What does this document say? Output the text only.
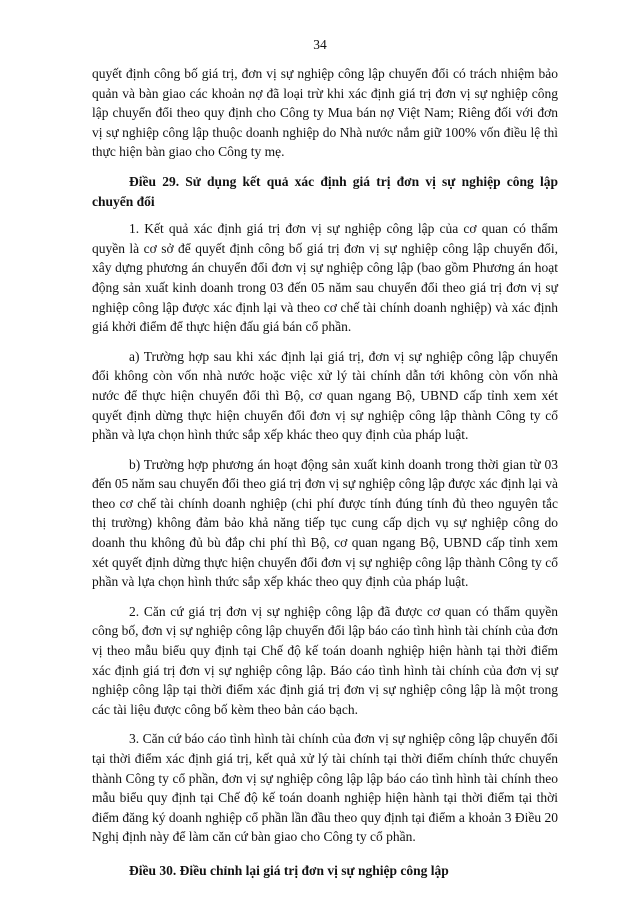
34

quyết định công bố giá trị, đơn vị sự nghiệp công lập chuyển đổi có trách nhiệm bảo quản và bàn giao các khoản nợ đã loại trừ khi xác định giá trị đơn vị sự nghiệp công lập chuyển đổi theo quy định cho Công ty Mua bán nợ Việt Nam; Riêng đối với đơn vị sự nghiệp công lập thuộc doanh nghiệp do Nhà nước nắm giữ 100% vốn điều lệ thì thực hiện bàn giao cho Công ty mẹ.

Điều 29. Sử dụng kết quả xác định giá trị đơn vị sự nghiệp công lập chuyển đổi

1. Kết quả xác định giá trị đơn vị sự nghiệp công lập của cơ quan có thẩm quyền là cơ sở để quyết định công bố giá trị đơn vị sự nghiệp công lập chuyển đổi, xây dựng phương án chuyển đổi đơn vị sự nghiệp công lập (bao gồm Phương án hoạt động sản xuất kinh doanh trong 03 đến 05 năm sau chuyển đổi theo giá trị đơn vị sự nghiệp công lập được xác định lại và theo cơ chế tài chính doanh nghiệp) và xác định giá khởi điểm để thực hiện đấu giá bán cổ phần.

a) Trường hợp sau khi xác định lại giá trị, đơn vị sự nghiệp công lập chuyển đổi không còn vốn nhà nước hoặc việc xử lý tài chính dẫn tới không còn vốn nhà nước để thực hiện chuyển đổi thì Bộ, cơ quan ngang Bộ, UBND cấp tỉnh xem xét quyết định dừng thực hiện chuyển đổi đơn vị sự nghiệp công lập thành Công ty cổ phần và lựa chọn hình thức sắp xếp khác theo quy định của pháp luật.

b) Trường hợp phương án hoạt động sản xuất kinh doanh trong thời gian từ 03 đến 05 năm sau chuyển đổi theo giá trị đơn vị sự nghiệp công lập được xác định lại và theo cơ chế tài chính doanh nghiệp (chi phí được tính đúng tính đủ theo nguyên tắc thị trường) không đảm bảo khả năng tiếp tục cung cấp dịch vụ sự nghiệp công do doanh thu không đủ bù đắp chi phí thì Bộ, cơ quan ngang Bộ, UBND cấp tỉnh xem xét quyết định dừng thực hiện chuyển đổi đơn vị sự nghiệp công lập thành Công ty cổ phần và lựa chọn hình thức sắp xếp khác theo quy định của pháp luật.

2. Căn cứ giá trị đơn vị sự nghiệp công lập đã được cơ quan có thẩm quyền công bố, đơn vị sự nghiệp công lập chuyển đổi lập báo cáo tình hình tài chính của đơn vị theo mẫu biểu quy định tại Chế độ kế toán doanh nghiệp hiện hành tại thời điểm xác định giá trị đơn vị sự nghiệp công lập. Báo cáo tình hình tài chính của đơn vị sự nghiệp công lập tại thời điểm xác định giá trị đơn vị sự nghiệp công lập là một trong các tài liệu được công bố kèm theo bản cáo bạch.

3. Căn cứ báo cáo tình hình tài chính của đơn vị sự nghiệp công lập chuyển đổi tại thời điểm xác định giá trị, kết quả xử lý tài chính tại thời điểm chính thức chuyển thành Công ty cổ phần, đơn vị sự nghiệp công lập lập báo cáo tình hình tài chính theo mẫu biểu quy định tại Chế độ kế toán doanh nghiệp hiện hành tại thời điểm tại thời điểm đăng ký doanh nghiệp cổ phần lần đầu theo quy định tại điểm a khoản 3 Điều 20 Nghị định này để làm căn cứ bàn giao cho Công ty cổ phần.

Điều 30. Điều chỉnh lại giá trị đơn vị sự nghiệp công lập
